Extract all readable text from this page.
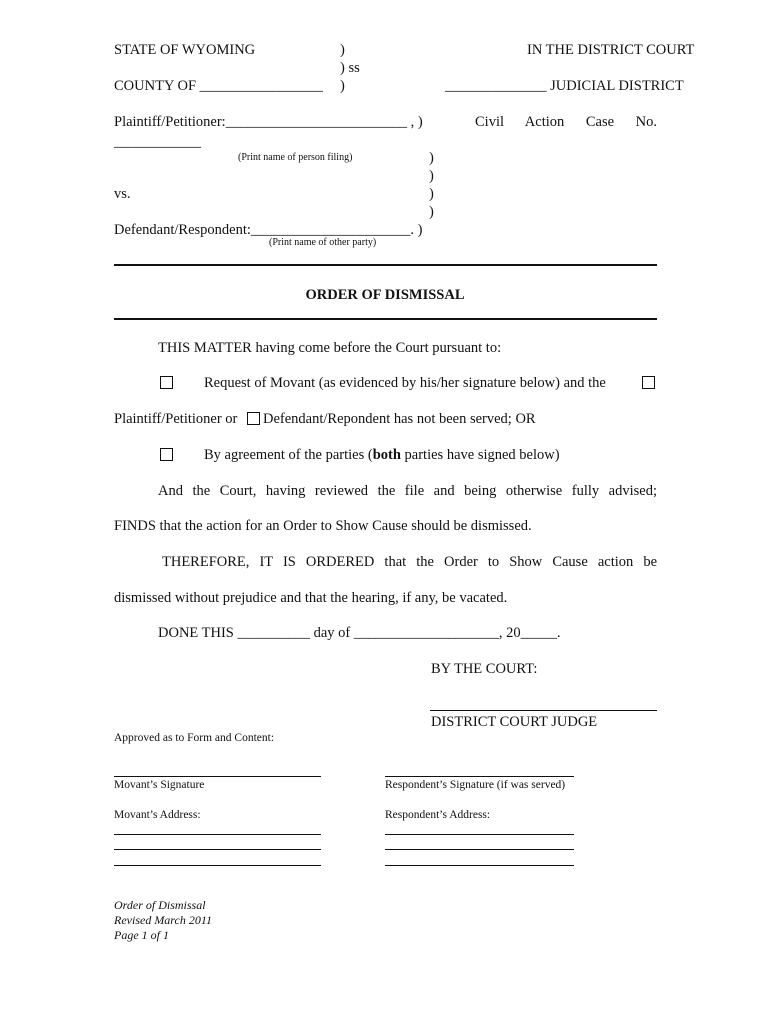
STATE OF WYOMING	)
) ss
)
IN THE DISTRICT COURT
COUNTY OF _________________	______________ JUDICIAL DISTRICT
Plaintiff/Petitioner:_________________________ , )	Civil Action Case No.
____________
(Print name of person filing)	)
)
vs.	)
)
Defendant/Respondent:______________________. )
(Print name of other party)
ORDER OF DISMISSAL
THIS MATTER having come before the Court pursuant to:
Request of Movant (as evidenced by his/her signature below) and the
Plaintiff/Petitioner or Defendant/Repondent has not been served; OR
By agreement of the parties (both parties have signed below)
And the Court, having reviewed the file and being otherwise fully advised;
FINDS that the action for an Order to Show Cause should be dismissed.
THEREFORE, IT IS ORDERED that the Order to Show Cause action be
dismissed without prejudice and that the hearing, if any, be vacated.
DONE THIS __________ day of ____________________, 20_____.
BY THE COURT:
DISTRICT COURT JUDGE
Approved as to Form and Content:
Movant’s Signature	Respondent’s Signature (if was served)
Movant’s Address:	Respondent’s Address:
Order of Dismissal
Revised March 2011
Page 1 of 1
